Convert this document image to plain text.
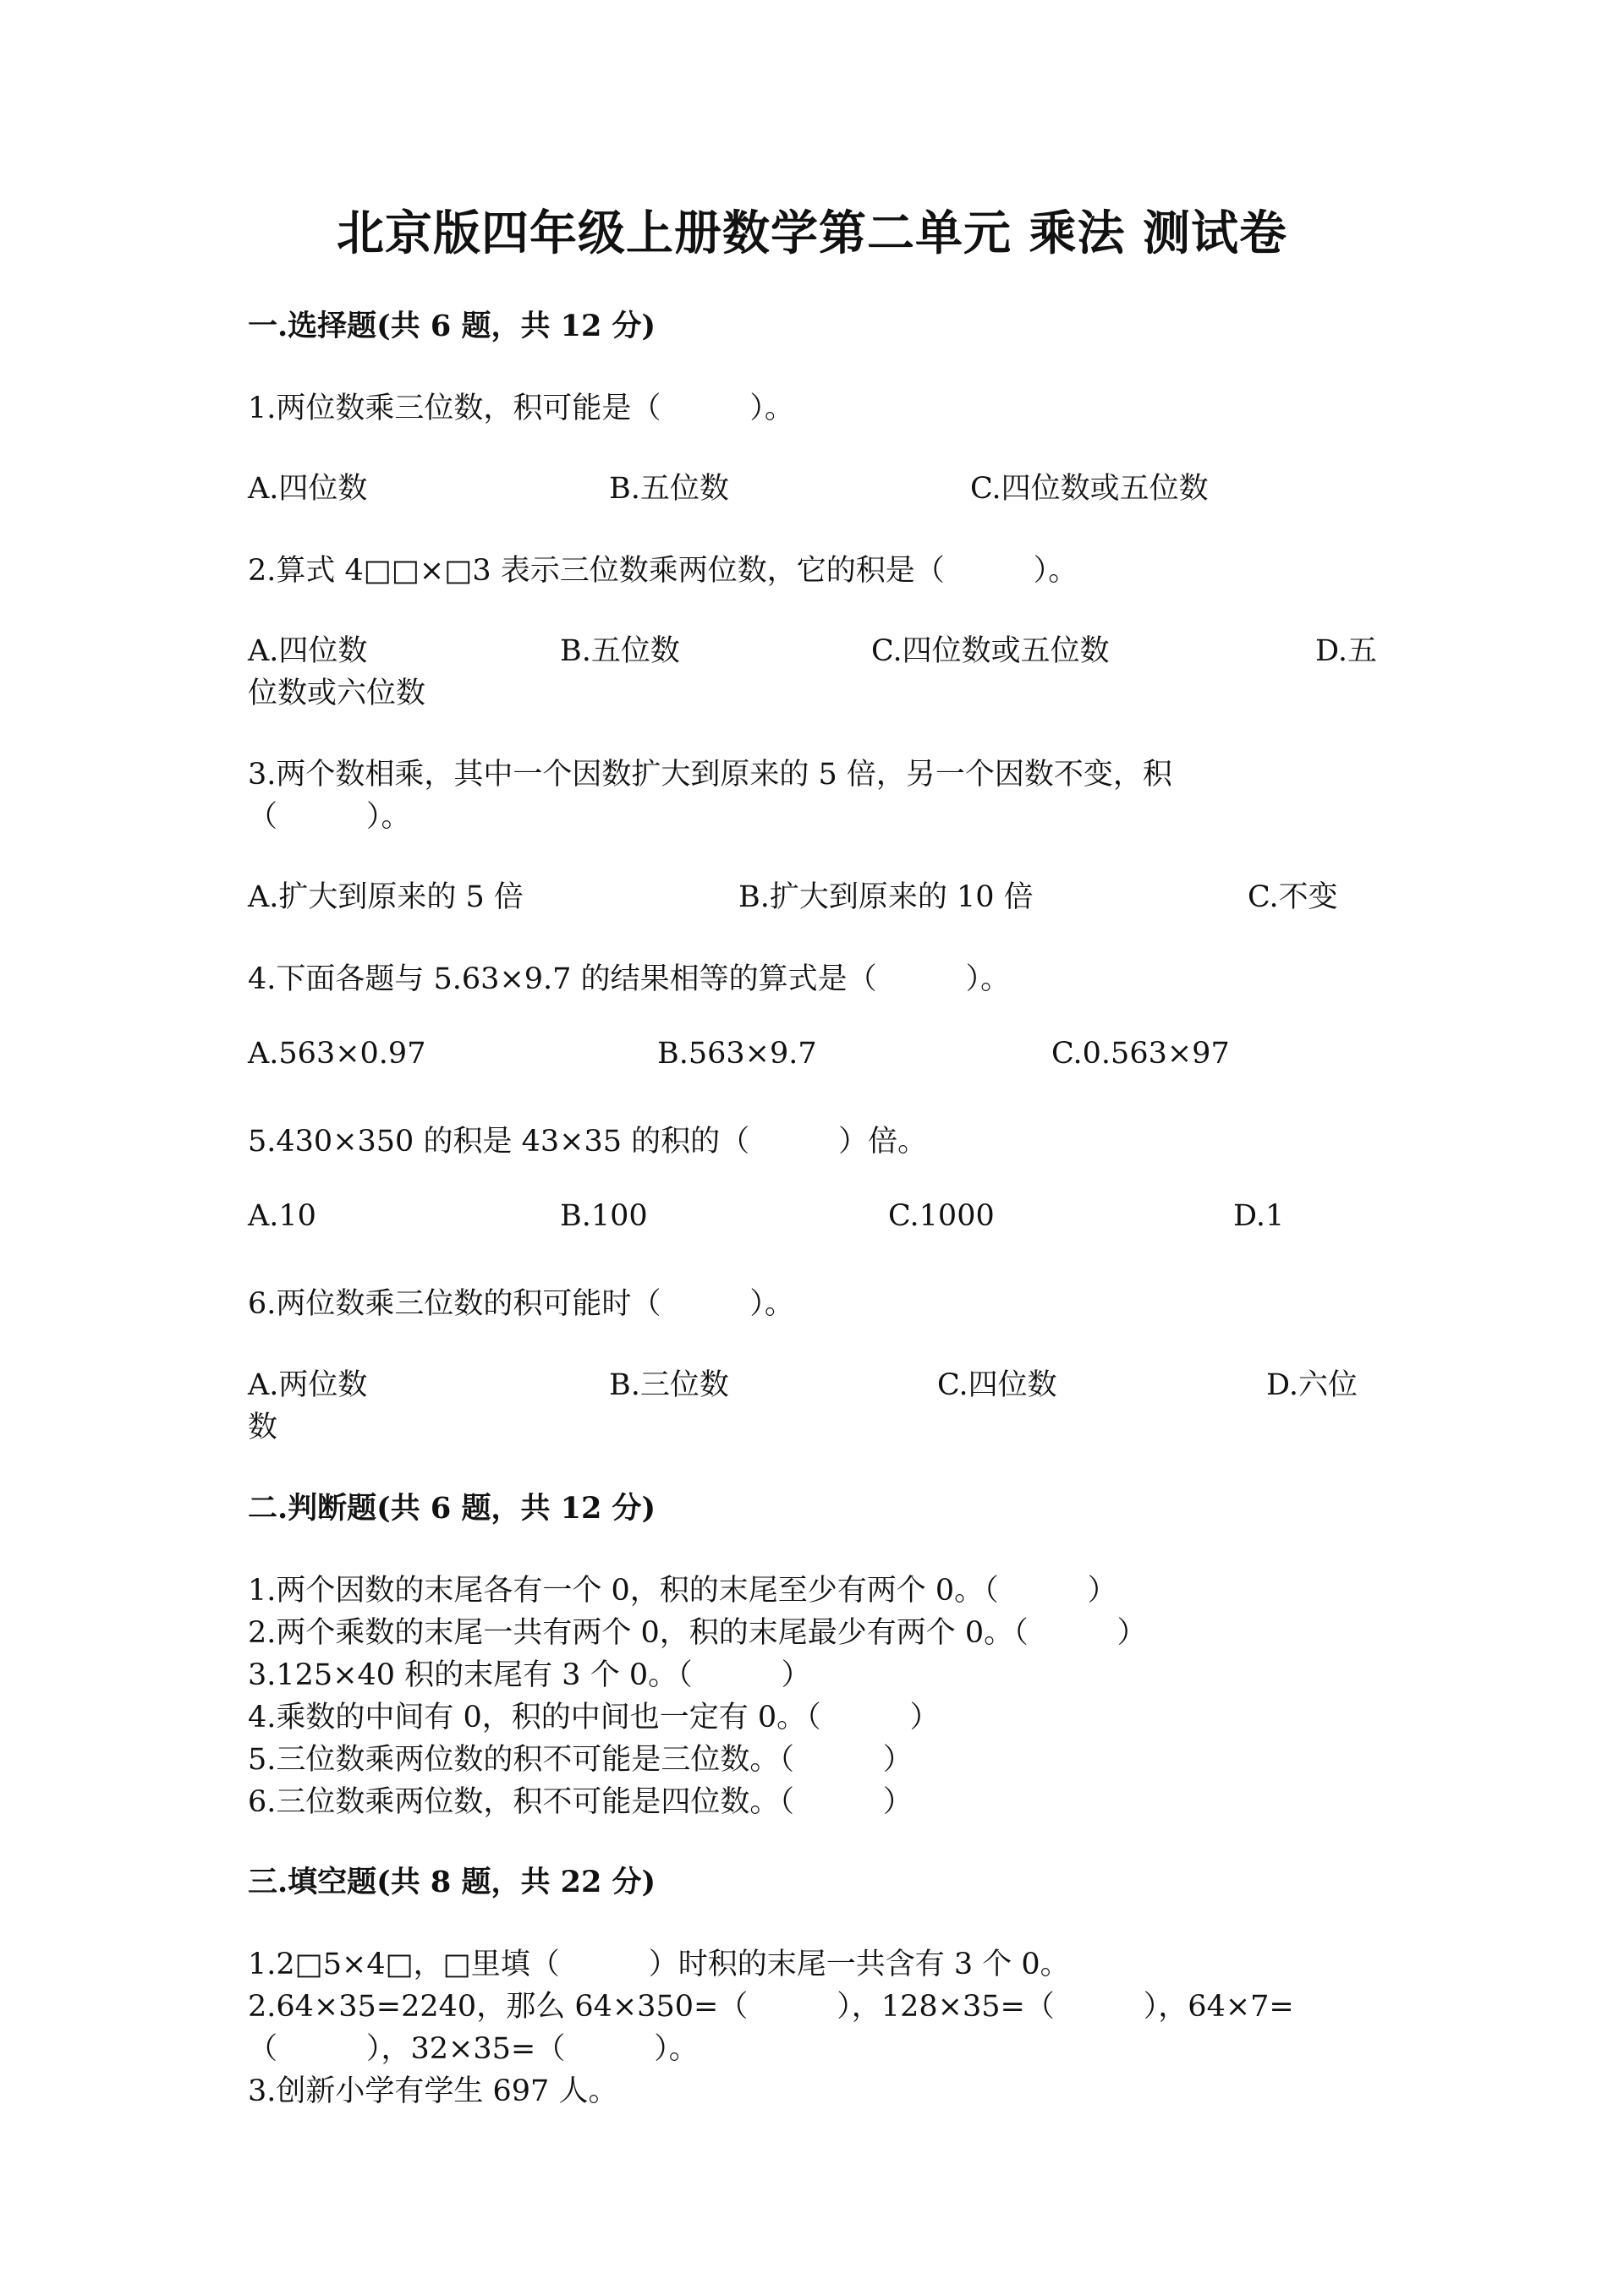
北京版四年级上册数学第二单元 乘法 测试卷
一.选择题(共 6 题，共 12 分)
1.两位数乘三位数，积可能是（　　　）。
A.四位数	B.五位数	C.四位数或五位数
2.算式 4□□×□3 表示三位数乘两位数，它的积是（　　　）。
A.四位数	B.五位数	C.四位数或五位数	D.五
位数或六位数
3.两个数相乘，其中一个因数扩大到原来的 5 倍，另一个因数不变，积
（　　　）。
A.扩大到原来的 5 倍	B.扩大到原来的 10 倍	C.不变
4.下面各题与 5.63×9.7 的结果相等的算式是（　　　）。
A.563×0.97	B.563×9.7	C.0.563×97
5.430×350 的积是 43×35 的积的（　　　）倍。
A.10	B.100	C.1000	D.1
6.两位数乘三位数的积可能时（　　　）。
A.两位数	B.三位数	C.四位数	D.六位
数
二.判断题(共 6 题，共 12 分)
1.两个因数的末尾各有一个 0，积的末尾至少有两个 0。（　　　）
2.两个乘数的末尾一共有两个 0，积的末尾最少有两个 0。（　　　）
3.125×40 积的末尾有 3 个 0。（　　　）
4.乘数的中间有 0，积的中间也一定有 0。（　　　）
5.三位数乘两位数的积不可能是三位数。（　　　）
6.三位数乘两位数，积不可能是四位数。（　　　）
三.填空题(共 8 题，共 22 分)
1.2□5×4□，□里填（　　　）时积的末尾一共含有 3 个 0。
2.64×35=2240，那么 64×350=（　　　），128×35=（　　　），64×7=
（　　　），32×35=（　　　）。
3.创新小学有学生 697 人。
